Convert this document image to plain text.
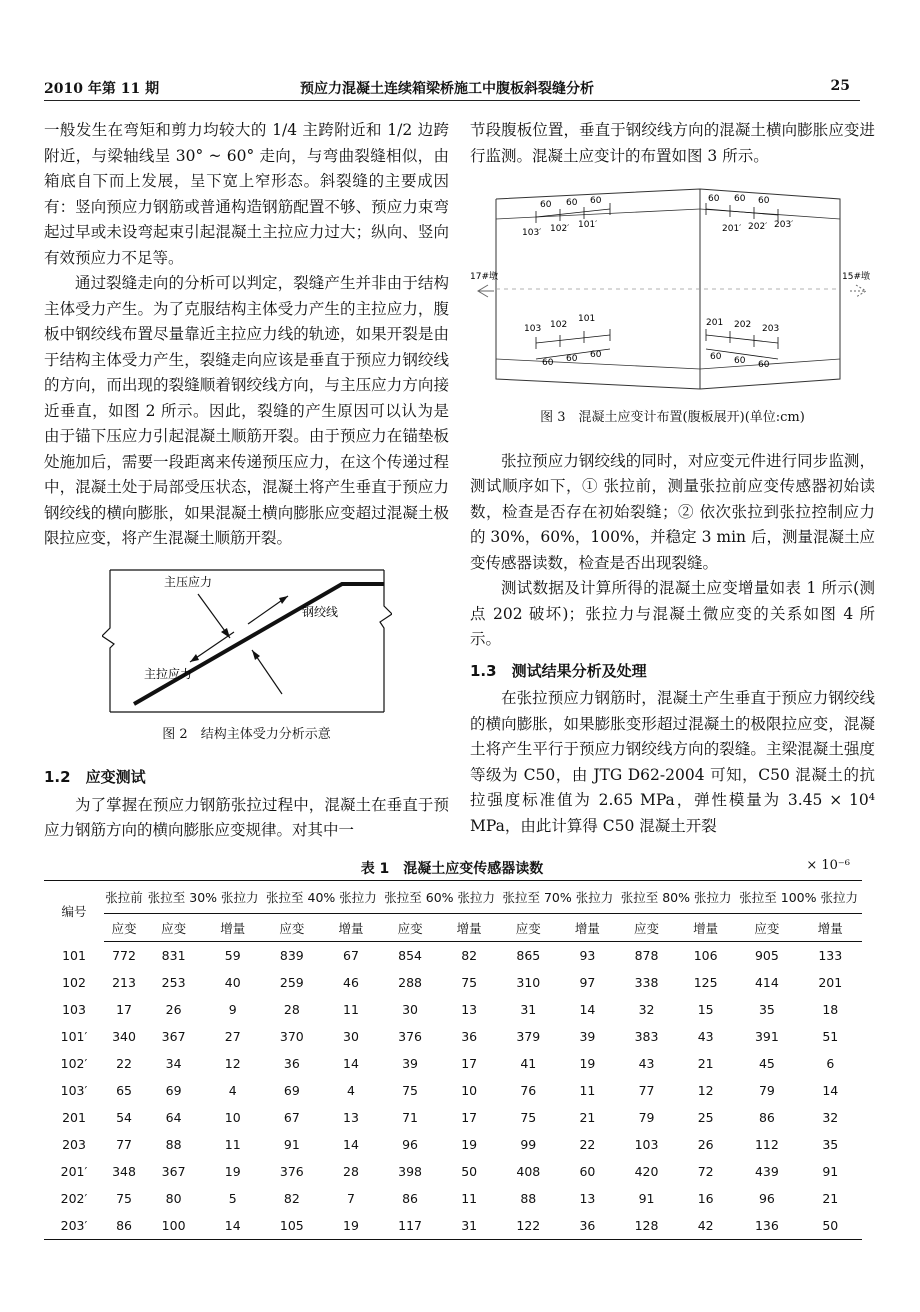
2010 年第 11 期	预应力混凝土连续箱梁桥施工中腹板斜裂缝分析	25

一般发生在弯矩和剪力均较大的 1/4 主跨附近和 1/2 边跨附近，与梁轴线呈 30° ~ 60° 走向，与弯曲裂缝相似，由箱底自下而上发展，呈下宽上窄形态。斜裂缝的主要成因有：竖向预应力钢筋或普通构造钢筋配置不够、预应力束弯起过早或未设弯起束引起混凝土主拉应力过大；纵向、竖向有效预应力不足等。

通过裂缝走向的分析可以判定，裂缝产生并非由于结构主体受力产生。为了克服结构主体受力产生的主拉应力，腹板中钢绞线布置尽量靠近主拉应力线的轨迹，如果开裂是由于结构主体受力产生，裂缝走向应该是垂直于预应力钢绞线的方向，而出现的裂缝顺着钢绞线方向，与主压应力方向接近垂直，如图 2 所示。因此，裂缝的产生原因可以认为是由于锚下压应力引起混凝土顺筋开裂。由于预应力在锚垫板处施加后，需要一段距离来传递预压应力，在这个传递过程中，混凝土处于局部受压状态，混凝土将产生垂直于预应力钢绞线的横向膨胀，如果混凝土横向膨胀应变超过混凝土极限拉应变，将产生混凝土顺筋开裂。

主压应力
钢绞线
主拉应力
图 2　结构主体受力分析示意
1.2　应变测试

为了掌握在预应力钢筋张拉过程中，混凝土在垂直于预应力钢筋方向的横向膨胀应变规律。对其中一

节段腹板位置，垂直于钢绞线方向的混凝土横向膨胀应变进行监测。混凝土应变计的布置如图 3 所示。

60 60 60
103′ 102′ 101′
60 60 60
201′ 202′ 203′
17#墩	15#墩
103 102
101
60 60 60
201 202 203
60 60 60
图 3　混凝土应变计布置(腹板展开)(单位:cm)

张拉预应力钢绞线的同时，对应变元件进行同步监测，测试顺序如下，① 张拉前，测量张拉前应变传感器初始读数，检查是否存在初始裂缝；② 依次张拉到张拉控制应力的 30%，60%，100%，并稳定 3 min 后，测量混凝土应变传感器读数，检查是否出现裂缝。

测试数据及计算所得的混凝土应变增量如表 1 所示(测点 202 破坏)；张拉力与混凝土微应变的关系如图 4 所示。

1.3　测试结果分析及处理

在张拉预应力钢筋时，混凝土产生垂直于预应力钢绞线的横向膨胀，如果膨胀变形超过混凝土的极限拉应变，混凝土将产生平行于预应力钢绞线方向的裂缝。主梁混凝土强度等级为 C50，由 JTG D62-2004 可知，C50 混凝土的抗拉强度标准值为 2.65 MPa，弹性模量为 3.45 × 10⁴ MPa，由此计算得 C50 混凝土开裂

表 1　混凝土应变传感器读数	× 10⁻⁶
编号	张拉前	张拉至 30% 张拉力		张拉至 40% 张拉力		张拉至 60% 张拉力		张拉至 70% 张拉力		张拉至 80% 张拉力		张拉至 100% 张拉力	
	应变	应变	增量	应变	增量	应变	增量	应变	增量	应变	增量	应变	增量
101	772	831	59	839	67	854	82	865	93	878	106	905	133
102	213	253	40	259	46	288	75	310	97	338	125	414	201
103	17	26	9	28	11	30	13	31	14	32	15	35	18
101′	340	367	27	370	30	376	36	379	39	383	43	391	51
102′	22	34	12	36	14	39	17	41	19	43	21	45	6
103′	65	69	4	69	4	75	10	76	11	77	12	79	14
201	54	64	10	67	13	71	17	75	21	79	25	86	32
203	77	88	11	91	14	96	19	99	22	103	26	112	35
201′	348	367	19	376	28	398	50	408	60	420	72	439	91
202′	75	80	5	82	7	86	11	88	13	91	16	96	21
203′	86	100	14	105	19	117	31	122	36	128	42	136	50
